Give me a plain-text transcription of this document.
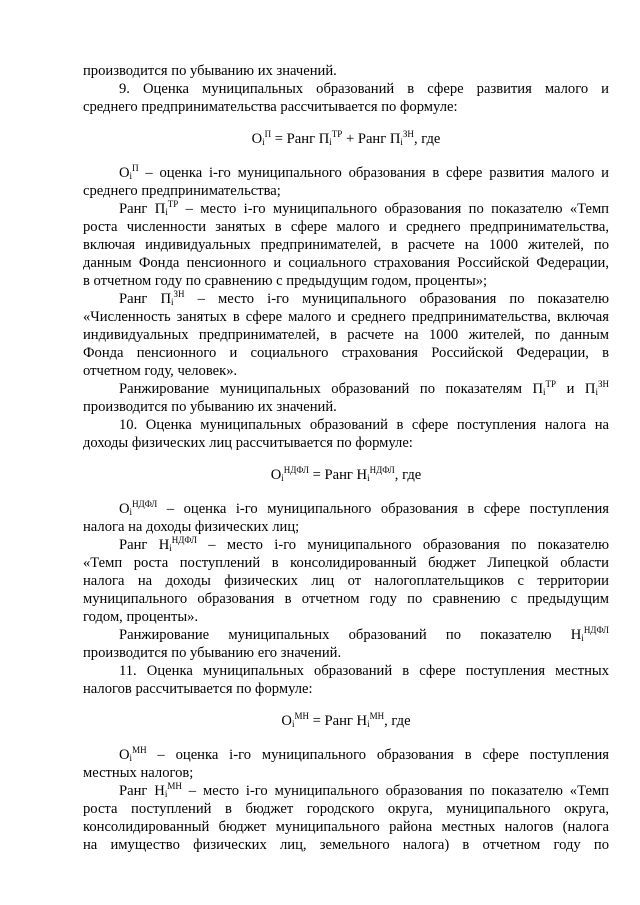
производится по убыванию их значений.

9. Оценка муниципальных образований в сфере развития малого и

среднего предпринимательства рассчитывается по формуле:

$О_i^П$ = Ранг $П_i^{ТР}$ + Ранг $П_i^{ЗН}$, где

$О_i^П$ – оценка i-го муниципального образования в сфере развития малого и

среднего предпринимательства;

Ранг $П_i^{ТР}$ – место i-го муниципального образования по показателю «Темп

роста численности занятых в сфере малого и среднего предпринимательства,

включая индивидуальных предпринимателей, в расчете на 1000 жителей, по

данным Фонда пенсионного и социального страхования Российской Федерации,

в отчетном году по сравнению с предыдущим годом, проценты»;

Ранг $П_i^{ЗН}$ – место i-го муниципального образования по показателю

«Численность занятых в сфере малого и среднего предпринимательства, включая

индивидуальных предпринимателей, в расчете на 1000 жителей, по данным

Фонда пенсионного и социального страхования Российской Федерации, в

отчетном году, человек».

Ранжирование муниципальных образований по показателям $П_i^{ТР}$ и $П_i^{ЗН}$

производится по убыванию их значений.

10. Оценка муниципальных образований в сфере поступления налога на

доходы физических лиц рассчитывается по формуле:

$О_i^{НДФЛ}$ = Ранг $Н_i^{НДФЛ}$, где

$О_i^{НДФЛ}$ – оценка i-го муниципального образования в сфере поступления

налога на доходы физических лиц;

Ранг $Н_i^{НДФЛ}$ – место i-го муниципального образования по показателю

«Темп роста поступлений в консолидированный бюджет Липецкой области

налога на доходы физических лиц от налогоплательщиков с территории

муниципального образования в отчетном году по сравнению с предыдущим

годом, проценты».

Ранжирование муниципальных образований по показателю $Н_i^{НДФЛ}$

производится по убыванию его значений.

11. Оценка муниципальных образований в сфере поступления местных

налогов рассчитывается по формуле:

$О_i^{МН}$ = Ранг $Н_i^{МН}$, где

$О_i^{МН}$ – оценка i-го муниципального образования в сфере поступления

местных налогов;

Ранг $Н_i^{МН}$ – место i-го муниципального образования по показателю «Темп

роста поступлений в бюджет городского округа, муниципального округа,

консолидированный бюджет муниципального района местных налогов (налога

на имущество физических лиц, земельного налога) в отчетном году по
